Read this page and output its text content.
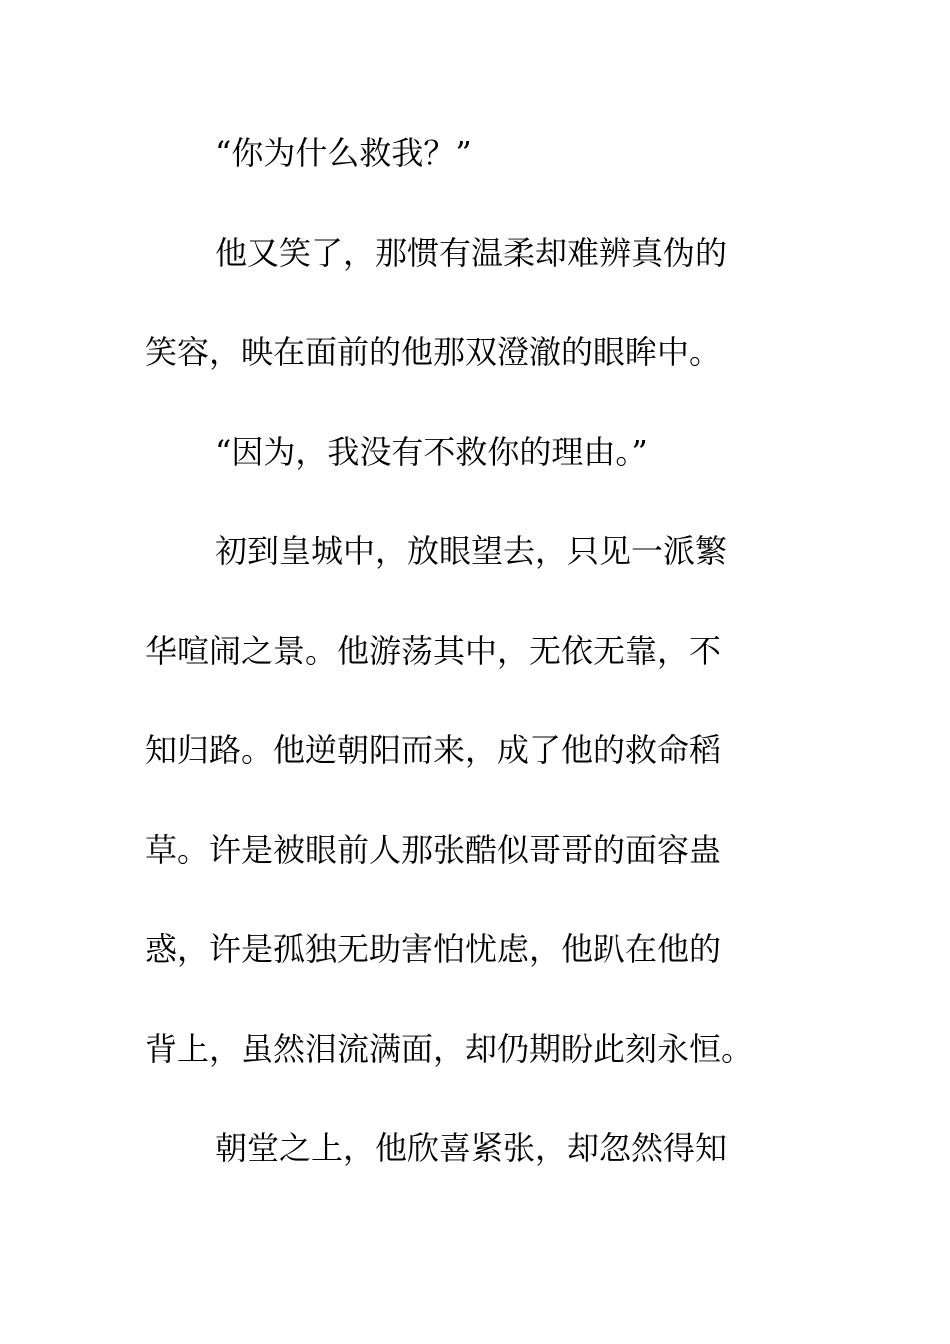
“你为什么救我？”
他又笑了，那惯有温柔却难辨真伪的
笑容，映在面前的他那双澄澈的眼眸中。
“因为，我没有不救你的理由。”
初到皇城中，放眼望去，只见一派繁
华喧闹之景。他游荡其中，无依无靠，不
知归路。他逆朝阳而来，成了他的救命稻
草。许是被眼前人那张酷似哥哥的面容蛊
惑，许是孤独无助害怕忧虑，他趴在他的
背上，虽然泪流满面，却仍期盼此刻永恒。
朝堂之上，他欣喜紧张，却忽然得知
